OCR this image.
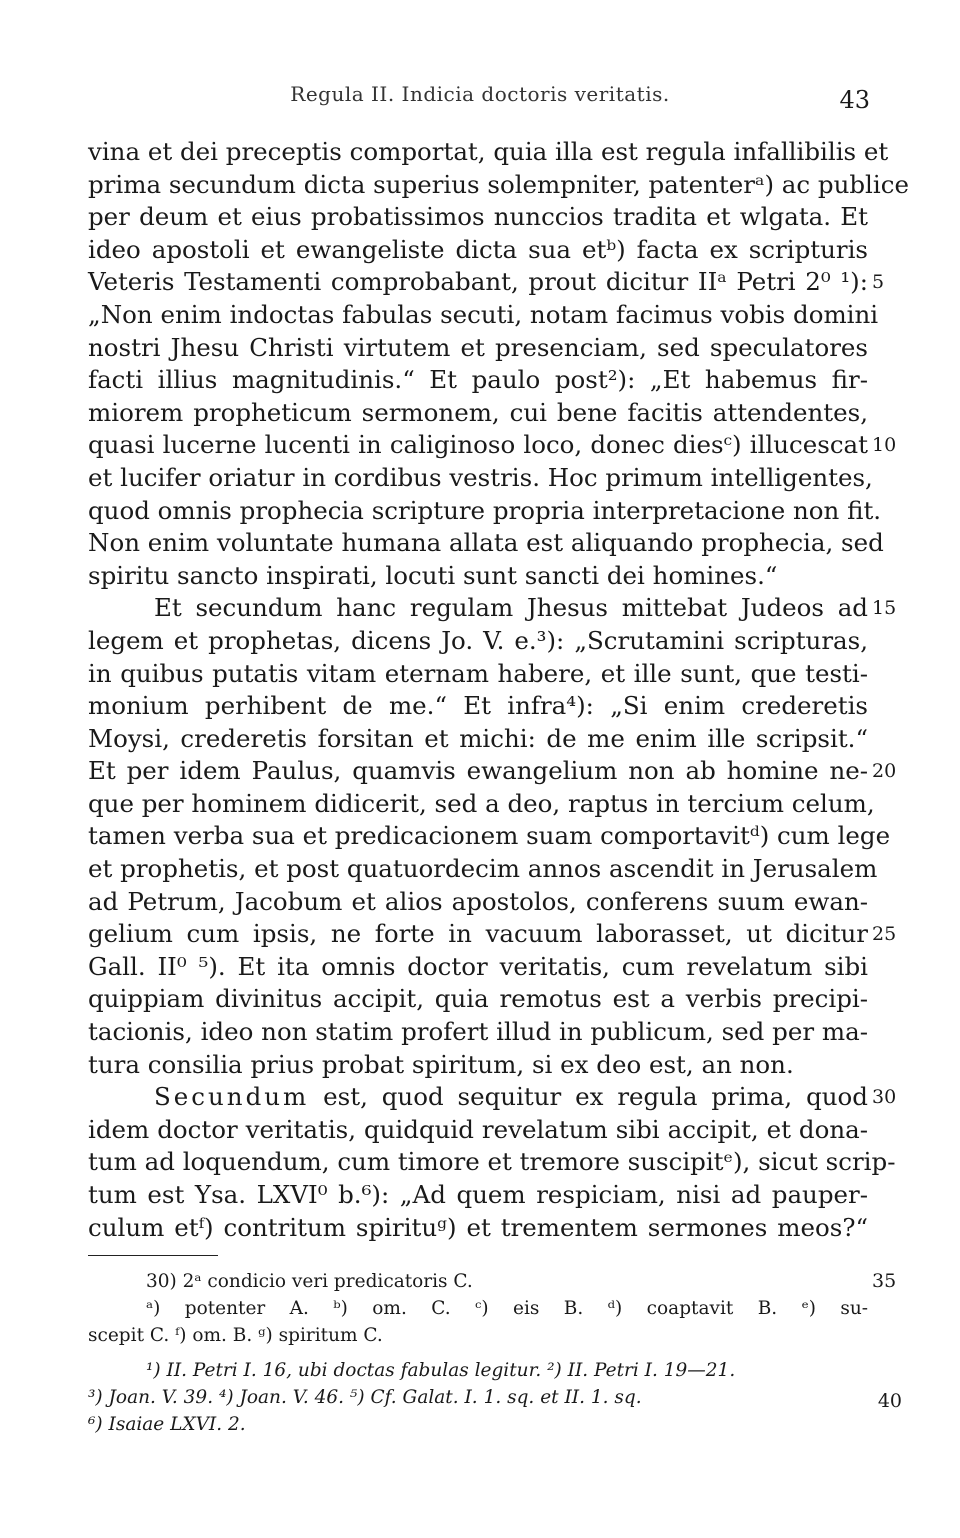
Regula II. Indicia doctoris veritatis.	43
vina et dei preceptis comportat, quia illa est regula infallibilis et
prima secundum dicta superius solempniter, patenterᵃ) ac publice
per deum et eius probatissimos nunccios tradita et wlgata. Et
ideo apostoli et ewangeliste dicta sua etᵇ) facta ex scripturis
Veteris Testamenti comprobabant, prout dicitur IIᵃ Petri 2⁰ ¹): 5
„Non enim indoctas fabulas secuti, notam facimus vobis domini
nostri Jhesu Christi virtutem et presenciam, sed speculatores
facti illius magnitudinis.“ Et paulo post²): „Et habemus fir-
miorem propheticum sermonem, cui bene facitis attendentes,
quasi lucerne lucenti in caliginoso loco, donec diesᶜ) illucescat 10
et lucifer oriatur in cordibus vestris. Hoc primum intelligentes,
quod omnis prophecia scripture propria interpretacione non fit.
Non enim voluntate humana allata est aliquando prophecia, sed
spiritu sancto inspirati, locuti sunt sancti dei homines.“
Et secundum hanc regulam Jhesus mittebat Judeos ad 15
legem et prophetas, dicens Jo. V. e.³): „Scrutamini scripturas,
in quibus putatis vitam eternam habere, et ille sunt, que testi-
monium perhibent de me.“ Et infra⁴): „Si enim crederetis
Moysi, crederetis forsitan et michi: de me enim ille scripsit.“
Et per idem Paulus, quamvis ewangelium non ab homine ne- 20
que per hominem didicerit, sed a deo, raptus in tercium celum,
tamen verba sua et predicacionem suam comportavitᵈ) cum lege
et prophetis, et post quatuordecim annos ascendit in Jerusalem
ad Petrum, Jacobum et alios apostolos, conferens suum ewan-
gelium cum ipsis, ne forte in vacuum laborasset, ut dicitur 25
Gall. II⁰ ⁵). Et ita omnis doctor veritatis, cum revelatum sibi
quippiam divinitus accipit, quia remotus est a verbis precipi-
tacionis, ideo non statim profert illud in publicum, sed per ma-
tura consilia prius probat spiritum, si ex deo est, an non.
Secundum est, quod sequitur ex regula prima, quod 30
idem doctor veritatis, quidquid revelatum sibi accipit, et dona-
tum ad loquendum, cum timore et tremore suscipitᵉ), sicut scrip-
tum est Ysa. LXVI⁰ b.⁶): „Ad quem respiciam, nisi ad pauper-
culum etᶠ) contritum spirituᵍ) et trementem sermones meos?“
30) 2ᵃ condicio veri predicatoris C.	35
ᵃ) potenter A. ᵇ) om. C. ᶜ) eis B. ᵈ) coaptavit B. ᵉ) su-
scepit C. ᶠ) om. B. ᵍ) spiritum C.
¹) II. Petri I. 16, ubi doctas fabulas legitur. ²) II. Petri I. 19—21.
³) Joan. V. 39. ⁴) Joan. V. 46. ⁵) Cf. Galat. I. 1. sq. et II. 1. sq.
⁶) Isaiae LXVI. 2.
40
